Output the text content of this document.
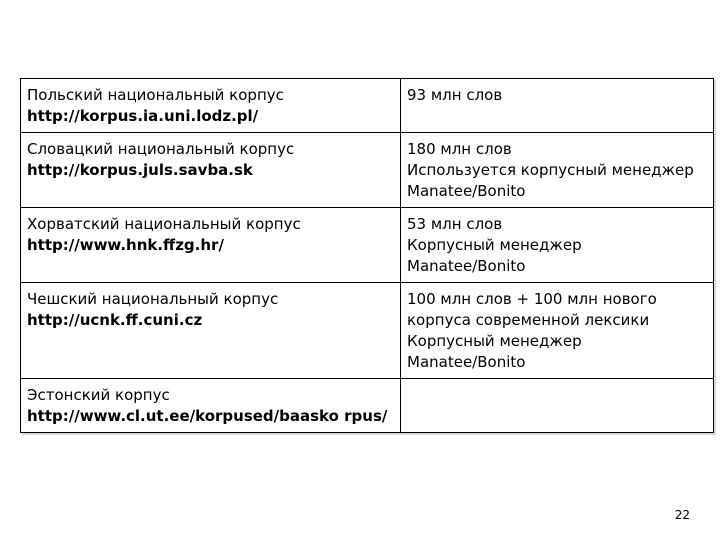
Польский национальный корпус
http://korpus.ia.uni.lodz.pl/	93 млн слов

Словацкий национальный корпус
http://korpus.juls.savba.sk	180 млн слов
Используется корпусный менеджер
Manatee/Bonito

Хорватский национальный корпус
http://www.hnk.ffzg.hr/	53 млн слов
Корпусный менеджер
Manatee/Bonito

Чешский национальный корпус
http://ucnk.ff.cuni.cz	100 млн слов + 100 млн нового
корпуса современной лексики
Корпусный менеджер
Manatee/Bonito

Эстонский корпус
http://www.cl.ut.ee/korpused/baasko rpus/	

22
